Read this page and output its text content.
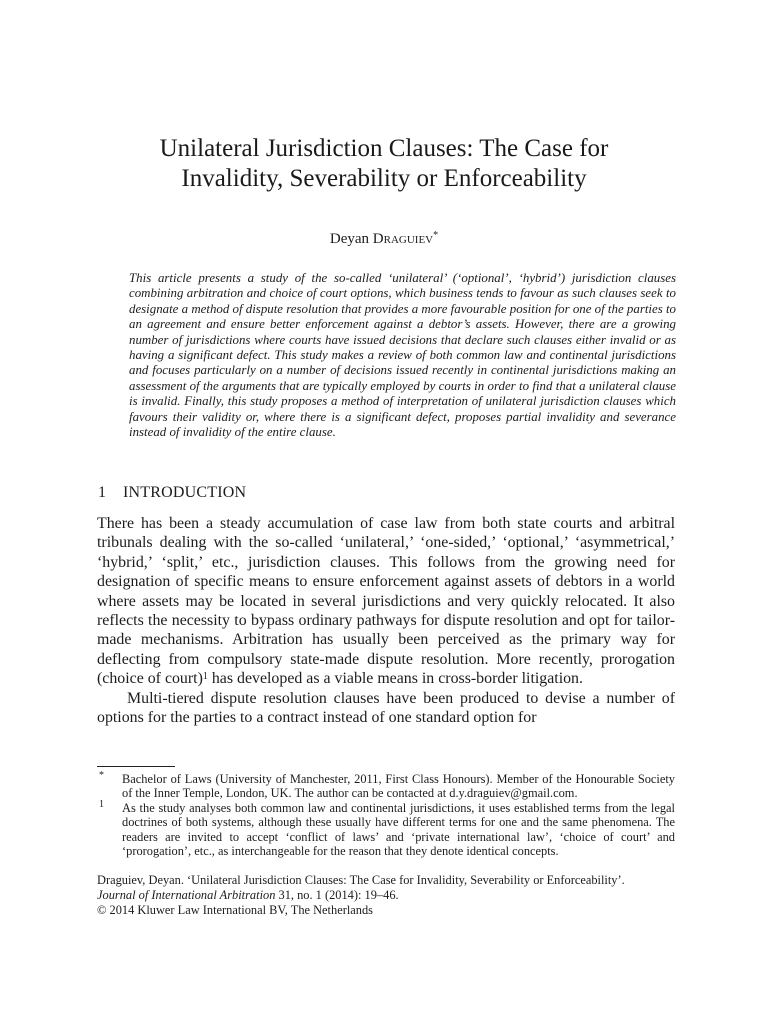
Unilateral Jurisdiction Clauses: The Case for
Invalidity, Severability or Enforceability
Deyan Draguiev*
This article presents a study of the so-called ‘unilateral’ (‘optional’, ‘hybrid’) jurisdiction clauses combining arbitration and choice of court options, which business tends to favour as such clauses seek to designate a method of dispute resolution that provides a more favourable position for one of the parties to an agreement and ensure better enforcement against a debtor’s assets. However, there are a growing number of jurisdictions where courts have issued decisions that declare such clauses either invalid or as having a significant defect. This study makes a review of both common law and continental jurisdictions and focuses particularly on a number of decisions issued recently in continental jurisdictions making an assessment of the arguments that are typically employed by courts in order to find that a unilateral clause is invalid. Finally, this study proposes a method of interpretation of unilateral jurisdiction clauses which favours their validity or, where there is a significant defect, proposes partial invalidity and severance instead of invalidity of the entire clause.
1 INTRODUCTION

There has been a steady accumulation of case law from both state courts and arbitral tribunals dealing with the so-called ‘unilateral,’ ‘one-sided,’ ‘optional,’ ‘asymmetrical,’ ‘hybrid,’ ‘split,’ etc., jurisdiction clauses. This follows from the growing need for designation of specific means to ensure enforcement against assets of debtors in a world where assets may be located in several jurisdictions and very quickly relocated. It also reflects the necessity to bypass ordinary pathways for dispute resolution and opt for tailor-made mechanisms. Arbitration has usually been perceived as the primary way for deflecting from compulsory state-made dispute resolution. More recently, prorogation (choice of court)$^1$ has developed as a viable means in cross-border litigation.

Multi-tiered dispute resolution clauses have been produced to devise a number of options for the parties to a contract instead of one standard option for

* Bachelor of Laws (University of Manchester, 2011, First Class Honours). Member of the Honourable Society of the Inner Temple, London, UK. The author can be contacted at d.y.draguiev@gmail.com.
1 As the study analyses both common law and continental jurisdictions, it uses established terms from the legal doctrines of both systems, although these usually have different terms for one and the same phenomena. The readers are invited to accept ‘conflict of laws’ and ‘private international law’, ‘choice of court’ and ‘prorogation’, etc., as interchangeable for the reason that they denote identical concepts.
Draguiev, Deyan. ‘Unilateral Jurisdiction Clauses: The Case for Invalidity, Severability or Enforceability’.
Journal of International Arbitration 31, no. 1 (2014): 19–46.
© 2014 Kluwer Law International BV, The Netherlands
